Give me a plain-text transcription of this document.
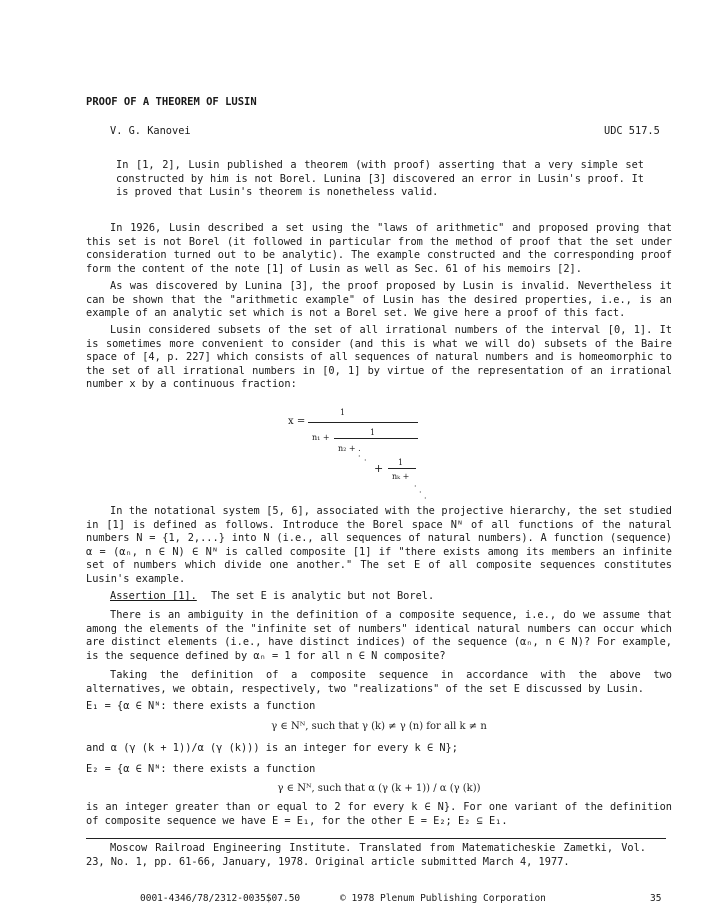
PROOF OF A THEOREM OF LUSIN
V. G. Kanovei	UDC 517.5

In [1, 2], Lusin published a theorem (with proof) asserting that a very simple set constructed by him is not Borel. Lunina [3] discovered an error in Lusin's proof. It is proved that Lusin's theorem is nonetheless valid.

In 1926, Lusin described a set using the "laws of arithmetic" and proposed proving that this set is not Borel (it followed in particular from the method of proof that the set under consideration turned out to be analytic). The example constructed and the corresponding proof form the content of the note [1] of Lusin as well as Sec. 61 of his memoirs [2].

As was discovered by Lunina [3], the proof proposed by Lusin is invalid. Nevertheless it can be shown that the "arithmetic example" of Lusin has the desired properties, i.e., is an example of an analytic set which is not a Borel set. We give here a proof of this fact.

Lusin considered subsets of the set of all irrational numbers of the interval [0, 1]. It is sometimes more convenient to consider (and this is what we will do) subsets of the Baire space of [4, p. 227] which consists of all sequences of natural numbers and is homeomorphic to the set of all irrational numbers in [0, 1] by virtue of the representation of an irrational number x by a continuous fraction:

x =
1
n₁ +
1
n₂ + .
· ·
+ 1
nₖ +
·
·
·

In the notational system [5, 6], associated with the projective hierarchy, the set studied in [1] is defined as follows. Introduce the Borel space Nᴺ of all functions of the natural numbers N = {1, 2,...} into N (i.e., all sequences of natural numbers). A function (sequence) α = (αₙ, n ∈ N) ∈ Nᴺ is called composite [1] if "there exists among its members an infinite set of numbers which divide one another." The set E of all composite sequences constitutes Lusin's example.

Assertion [1]. The set E is analytic but not Borel.

There is an ambiguity in the definition of a composite sequence, i.e., do we assume that among the elements of the "infinite set of numbers" identical natural numbers can occur which are distinct elements (i.e., have distinct indices) of the sequence (αₙ, n ∈ N)? For example, is the sequence defined by αₙ = 1 for all n ∈ N composite?

Taking the definition of a composite sequence in accordance with the above two alternatives, we obtain, respectively, two "realizations" of the set E discussed by Lusin.

E₁ = {α ∈ Nᴺ: there exists a function
γ ∈ Nᴺ, such that γ (k) ≠ γ (n) for all k ≠ n
and α (γ (k + 1))/α (γ (k))) is an integer for every k ∈ N};
E₂ = {α ∈ Nᴺ: there exists a function
γ ∈ Nᴺ, such that α (γ (k + 1)) / α (γ (k))

is an integer greater than or equal to 2 for every k ∈ N}. For one variant of the definition of composite sequence we have E = E₁, for the other E = E₂; E₂ ⊆ E₁.

Moscow Railroad Engineering Institute. Translated from Matematicheskie Zametki, Vol. 23, No. 1, pp. 61-66, January, 1978. Original article submitted March 4, 1977.

0001-4346/78/2312-0035$07.50	© 1978 Plenum Publishing Corporation	35
